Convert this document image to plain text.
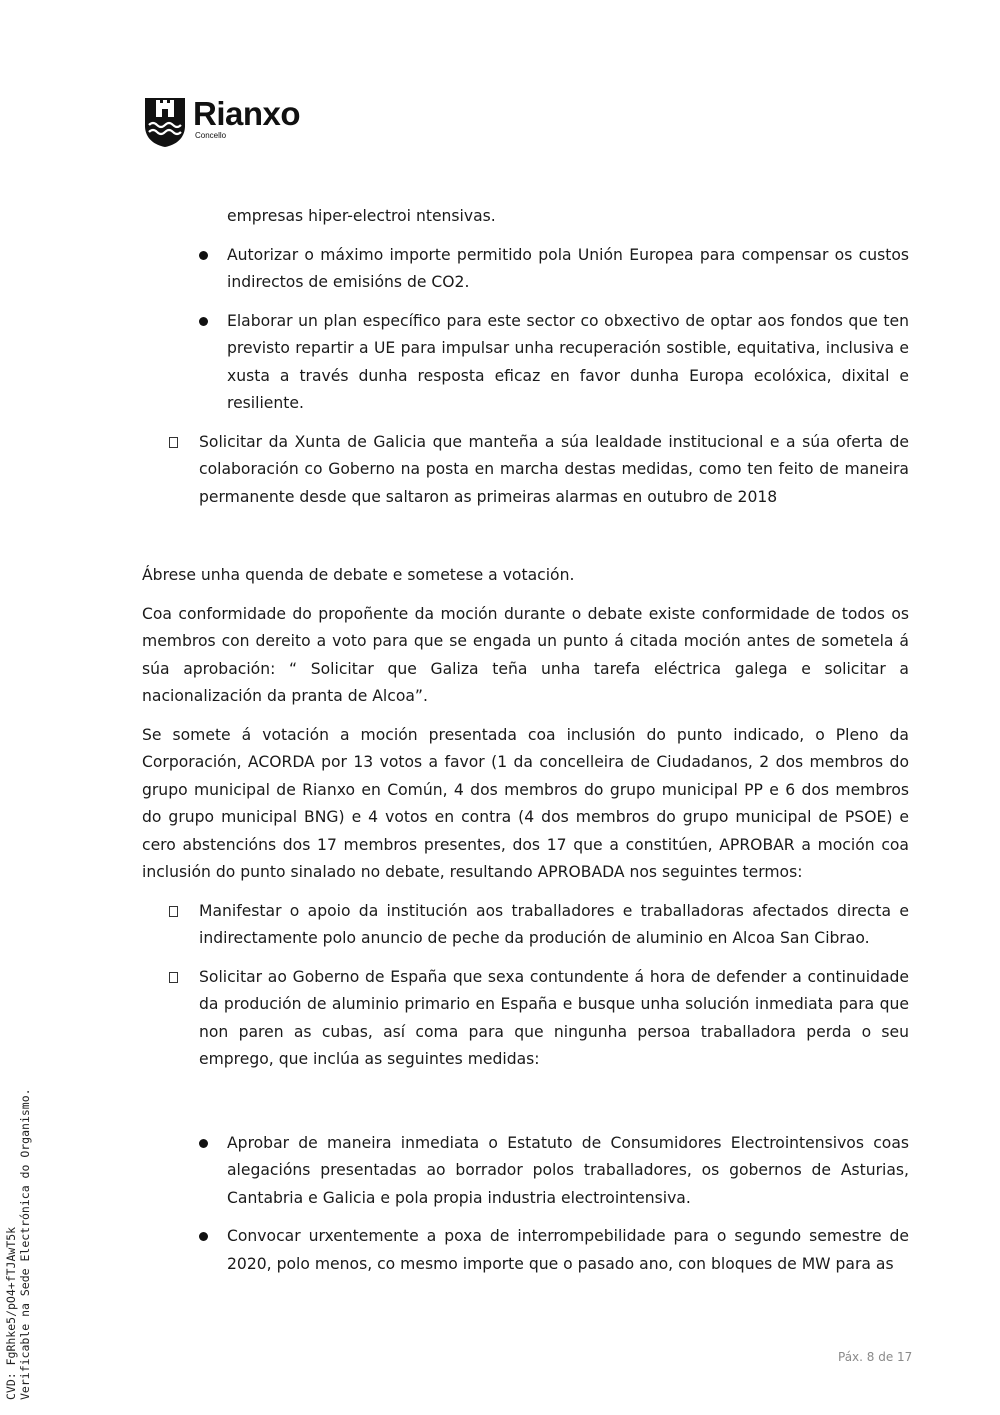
Rianxo
Concello

empresas hiper-electroi ntensivas.

Autorizar o máximo importe permitido pola Unión Europea para compensar os custos indirectos de emisións de CO2.
Elaborar un plan específico para este sector co obxectivo de optar aos fondos que ten previsto repartir a UE para impulsar unha recuperación sostible, equitativa, inclusiva e xusta a través dunha resposta eficaz en favor dunha Europa ecolóxica, dixital e resiliente.
Solicitar da Xunta de Galicia que manteña a súa lealdade institucional e a súa oferta de colaboración co Goberno na posta en marcha destas medidas, como ten feito de maneira permanente desde que saltaron as primeiras alarmas en outubro de 2018

Ábrese unha quenda de debate e sometese a votación.

Coa conformidade do propoñente da moción durante o debate existe conformidade de todos os membros con dereito a voto para que se engada un punto á citada moción antes de sometela á súa aprobación: “ Solicitar que Galiza teña unha tarefa eléctrica galega e solicitar a nacionalización da pranta de Alcoa”.

Se somete á votación a moción presentada coa inclusión do punto indicado, o Pleno da Corporación, ACORDA por 13 votos a favor (1 da concelleira de Ciudadanos, 2 dos membros do grupo municipal de Rianxo en Común, 4 dos membros do grupo municipal PP e 6 dos membros do grupo municipal BNG) e 4 votos en contra (4 dos membros do grupo municipal de PSOE) e cero abstencións dos 17 membros presentes, dos 17 que a constitúen, APROBAR a moción coa inclusión do punto sinalado no debate, resultando APROBADA nos seguintes termos:

Manifestar o apoio da institución aos traballadores e traballadoras afectados directa e indirectamente polo anuncio de peche da produción de aluminio en Alcoa San Cibrao.
Solicitar ao Goberno de España que sexa contundente á hora de defender a continuidade da produción de aluminio primario en España e busque unha solución inmediata para que non paren as cubas, así coma para que ningunha persoa traballadora perda o seu emprego, que inclúa as seguintes medidas:
Aprobar de maneira inmediata o Estatuto de Consumidores Electrointensivos coas alegacións presentadas ao borrador polos traballadores, os gobernos de Asturias, Cantabria e Galicia e pola propia industria electrointensiva.
Convocar urxentemente a poxa de interrompebilidade para o segundo semestre de 2020, polo menos, co mesmo importe que o pasado ano, con bloques de MW para as
Páx. 8 de 17
CVD: FgRhke5/pO4+fTJAwT5k Verificable na Sede Electrónica do Organismo.
